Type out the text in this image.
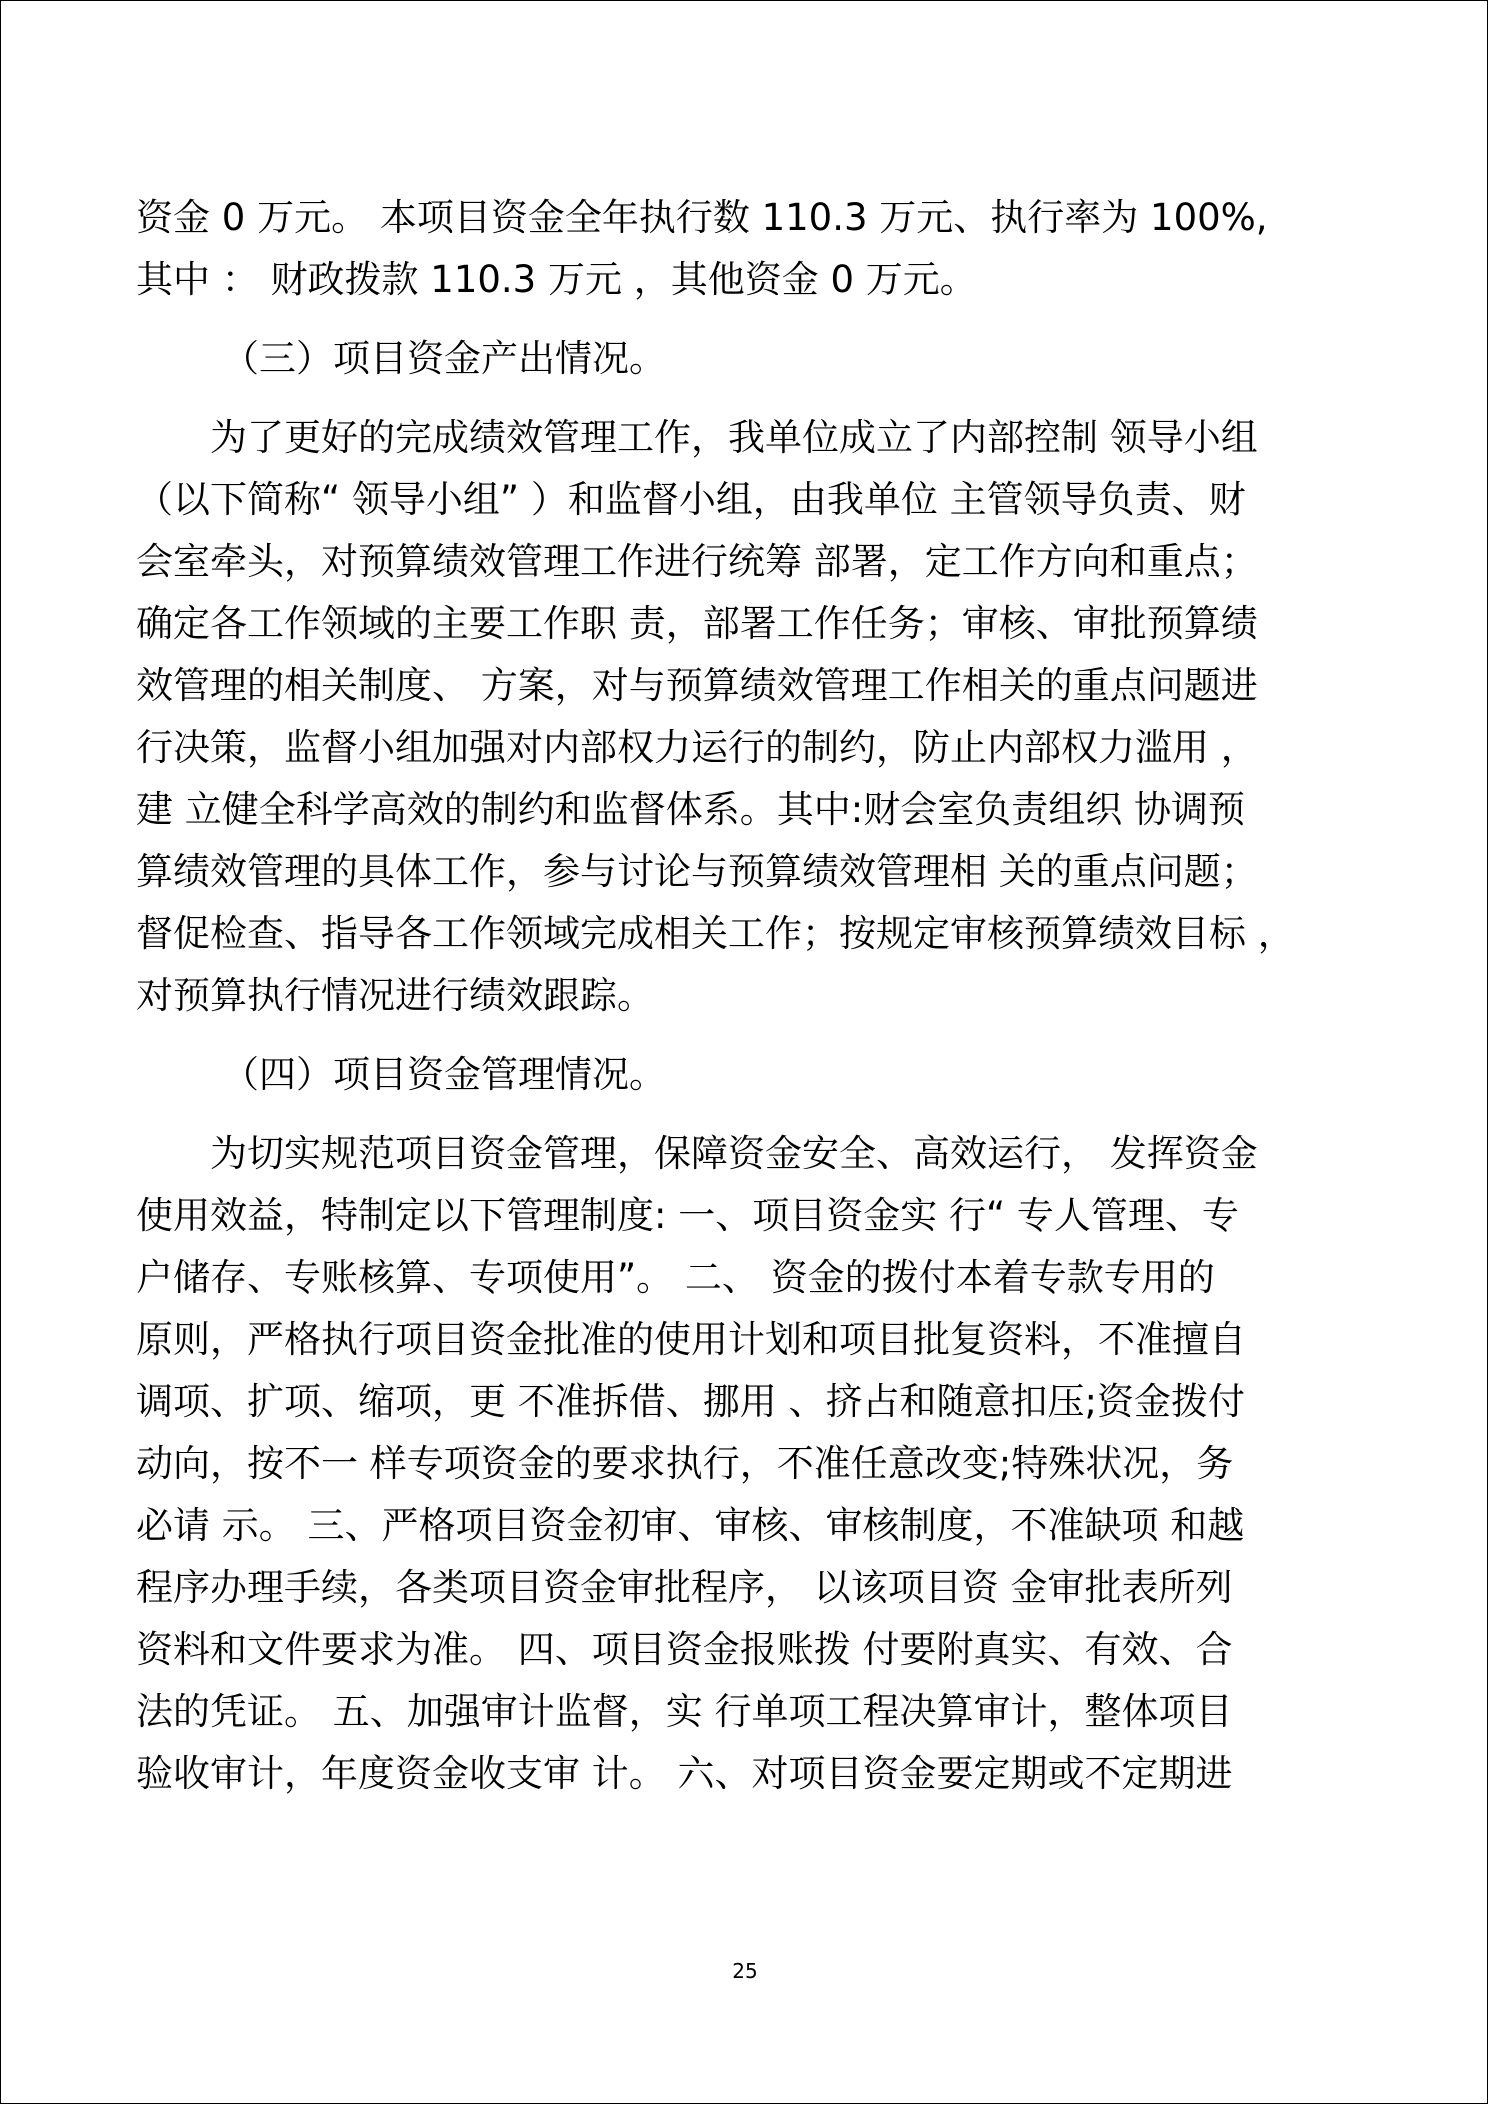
资金 0 万元。 本项目资金全年执行数 110.3 万元、执行率为 100%,
其中 ： 财政拨款 110.3 万元 ，其他资金 0 万元。
（三）项目资金产出情况。
　　为了更好的完成绩效管理工作，我单位成立了内部控制 领导小组
（以下简称“ 领导小组” ）和监督小组，由我单位 主管领导负责、财
会室牵头，对预算绩效管理工作进行统筹 部署，定工作方向和重点；
确定各工作领域的主要工作职 责，部署工作任务；审核、审批预算绩
效管理的相关制度、 方案，对与预算绩效管理工作相关的重点问题进
行决策，监督小组加强对内部权力运行的制约，防止内部权力滥用 ，
建 立健全科学高效的制约和监督体系。其中:财会室负责组织 协调预
算绩效管理的具体工作，参与讨论与预算绩效管理相 关的重点问题；
督促检查、指导各工作领域完成相关工作；按规定审核预算绩效目标 ，
对预算执行情况进行绩效跟踪。
（四）项目资金管理情况。
　　为切实规范项目资金管理，保障资金安全、高效运行， 发挥资金
使用效益，特制定以下管理制度: 一、项目资金实 行“ 专人管理、专
户储存、专账核算、专项使用”。 二、 资金的拨付本着专款专用的
原则，严格执行项目资金批准的使用计划和项目批复资料，不准擅自
调项、扩项、缩项，更 不准拆借、挪用 、挤占和随意扣压;资金拨付
动向，按不一 样专项资金的要求执行，不准任意改变;特殊状况，务
必请 示。 三、严格项目资金初审、审核、审核制度，不准缺项 和越
程序办理手续，各类项目资金审批程序， 以该项目资 金审批表所列
资料和文件要求为准。 四、项目资金报账拨 付要附真实、有效、合
法的凭证。 五、加强审计监督，实 行单项工程决算审计，整体项目
验收审计，年度资金收支审 计。 六、对项目资金要定期或不定期进
25
